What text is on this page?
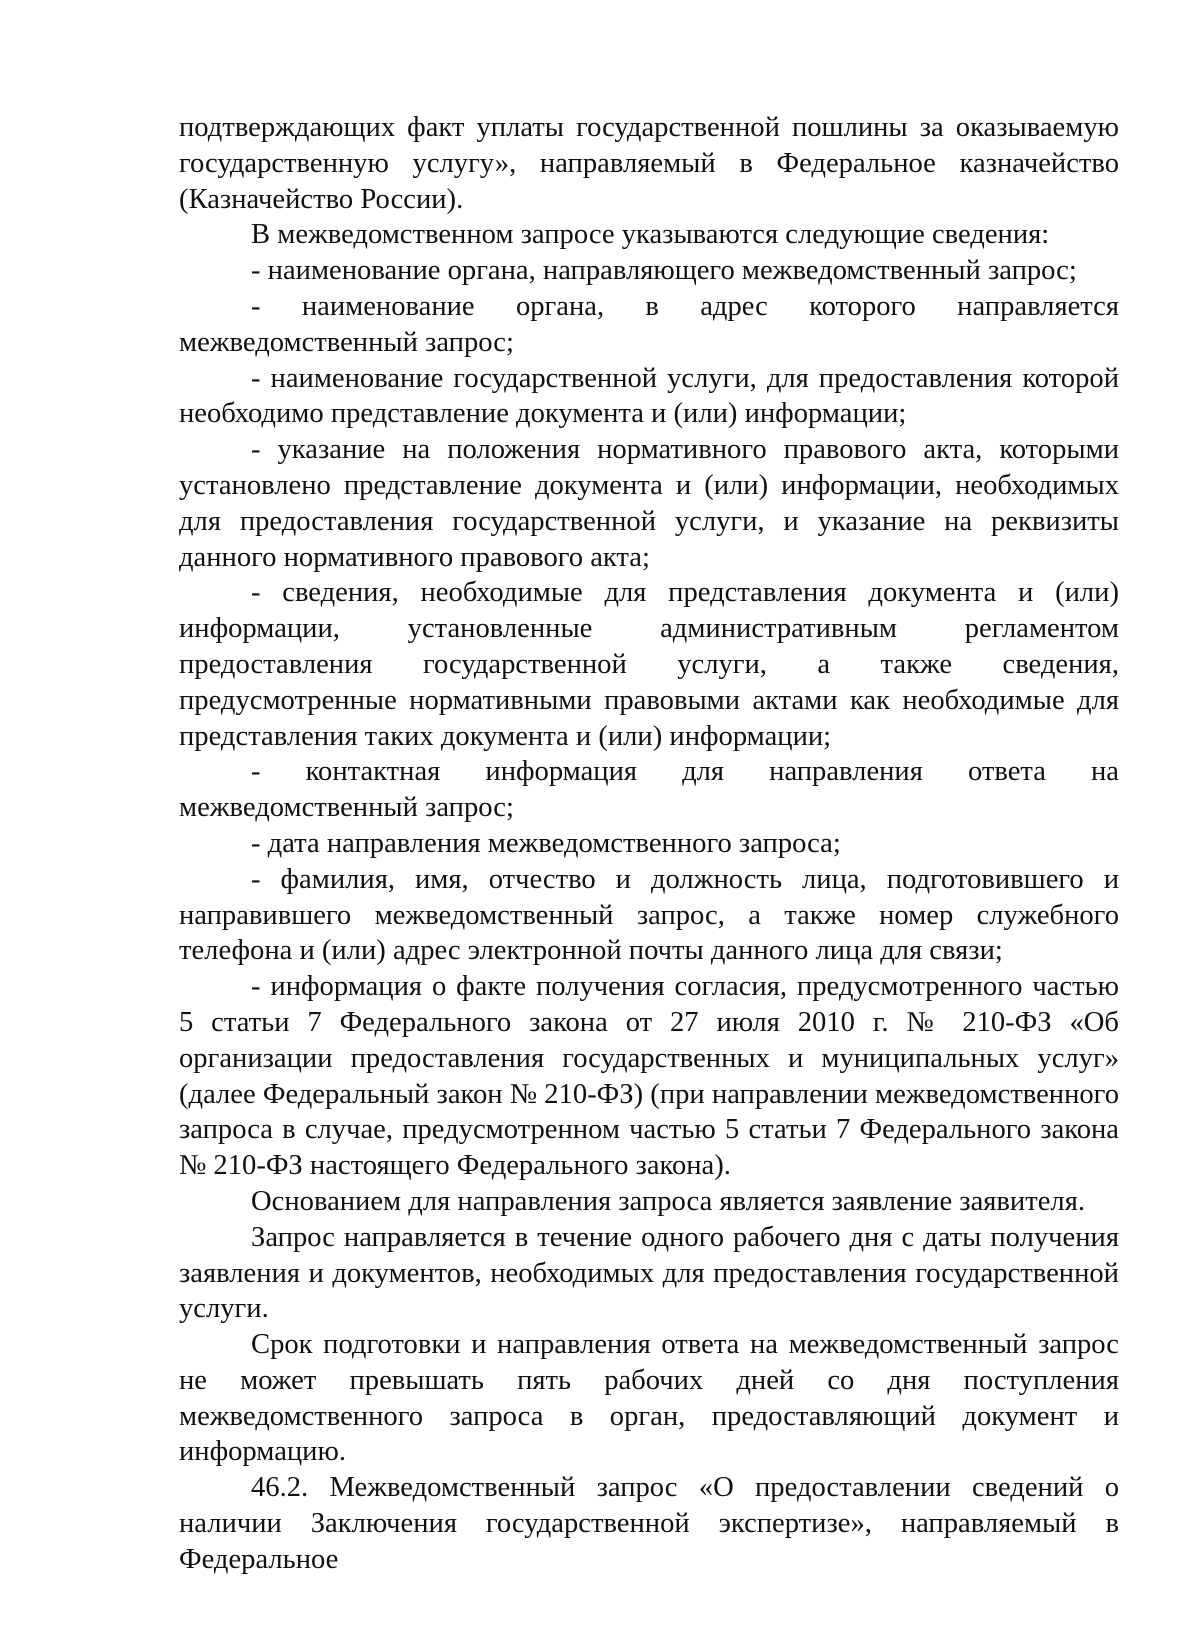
подтверждающих факт уплаты государственной пошлины за оказываемую государственную услугу», направляемый в Федеральное казначейство (Казначейство России).

В межведомственном запросе указываются следующие сведения:

- наименование органа, направляющего межведомственный запрос;

- наименование органа, в адрес которого направляется межведомственный запрос;

- наименование государственной услуги, для предоставления которой необходимо представление документа и (или) информации;

- указание на положения нормативного правового акта, которыми установлено представление документа и (или) информации, необходимых для предоставления государственной услуги, и указание на реквизиты данного нормативного правового акта;

- сведения, необходимые для представления документа и (или) информации, установленные административным регламентом предоставления государственной услуги, а также сведения, предусмотренные нормативными правовыми актами как необходимые для представления таких документа и (или) информации;

- контактная информация для направления ответа на межведомственный запрос;

- дата направления межведомственного запроса;

- фамилия, имя, отчество и должность лица, подготовившего и направившего межведомственный запрос, а также номер служебного телефона и (или) адрес электронной почты данного лица для связи;

- информация о факте получения согласия, предусмотренного частью 5 статьи 7 Федерального закона от 27 июля 2010 г. № 210-ФЗ «Об организации предоставления государственных и муниципальных услуг» (далее Федеральный закон № 210-ФЗ) (при направлении межведомственного запроса в случае, предусмотренном частью 5 статьи 7 Федерального закона № 210-ФЗ настоящего Федерального закона).

Основанием для направления запроса является заявление заявителя.

Запрос направляется в течение одного рабочего дня с даты получения заявления и документов, необходимых для предоставления государственной услуги.

Срок подготовки и направления ответа на межведомственный запрос не может превышать пять рабочих дней со дня поступления межведомственного запроса в орган, предоставляющий документ и информацию.

46.2. Межведомственный запрос «О предоставлении сведений о наличии Заключения государственной экспертизе», направляемый в Федеральное
